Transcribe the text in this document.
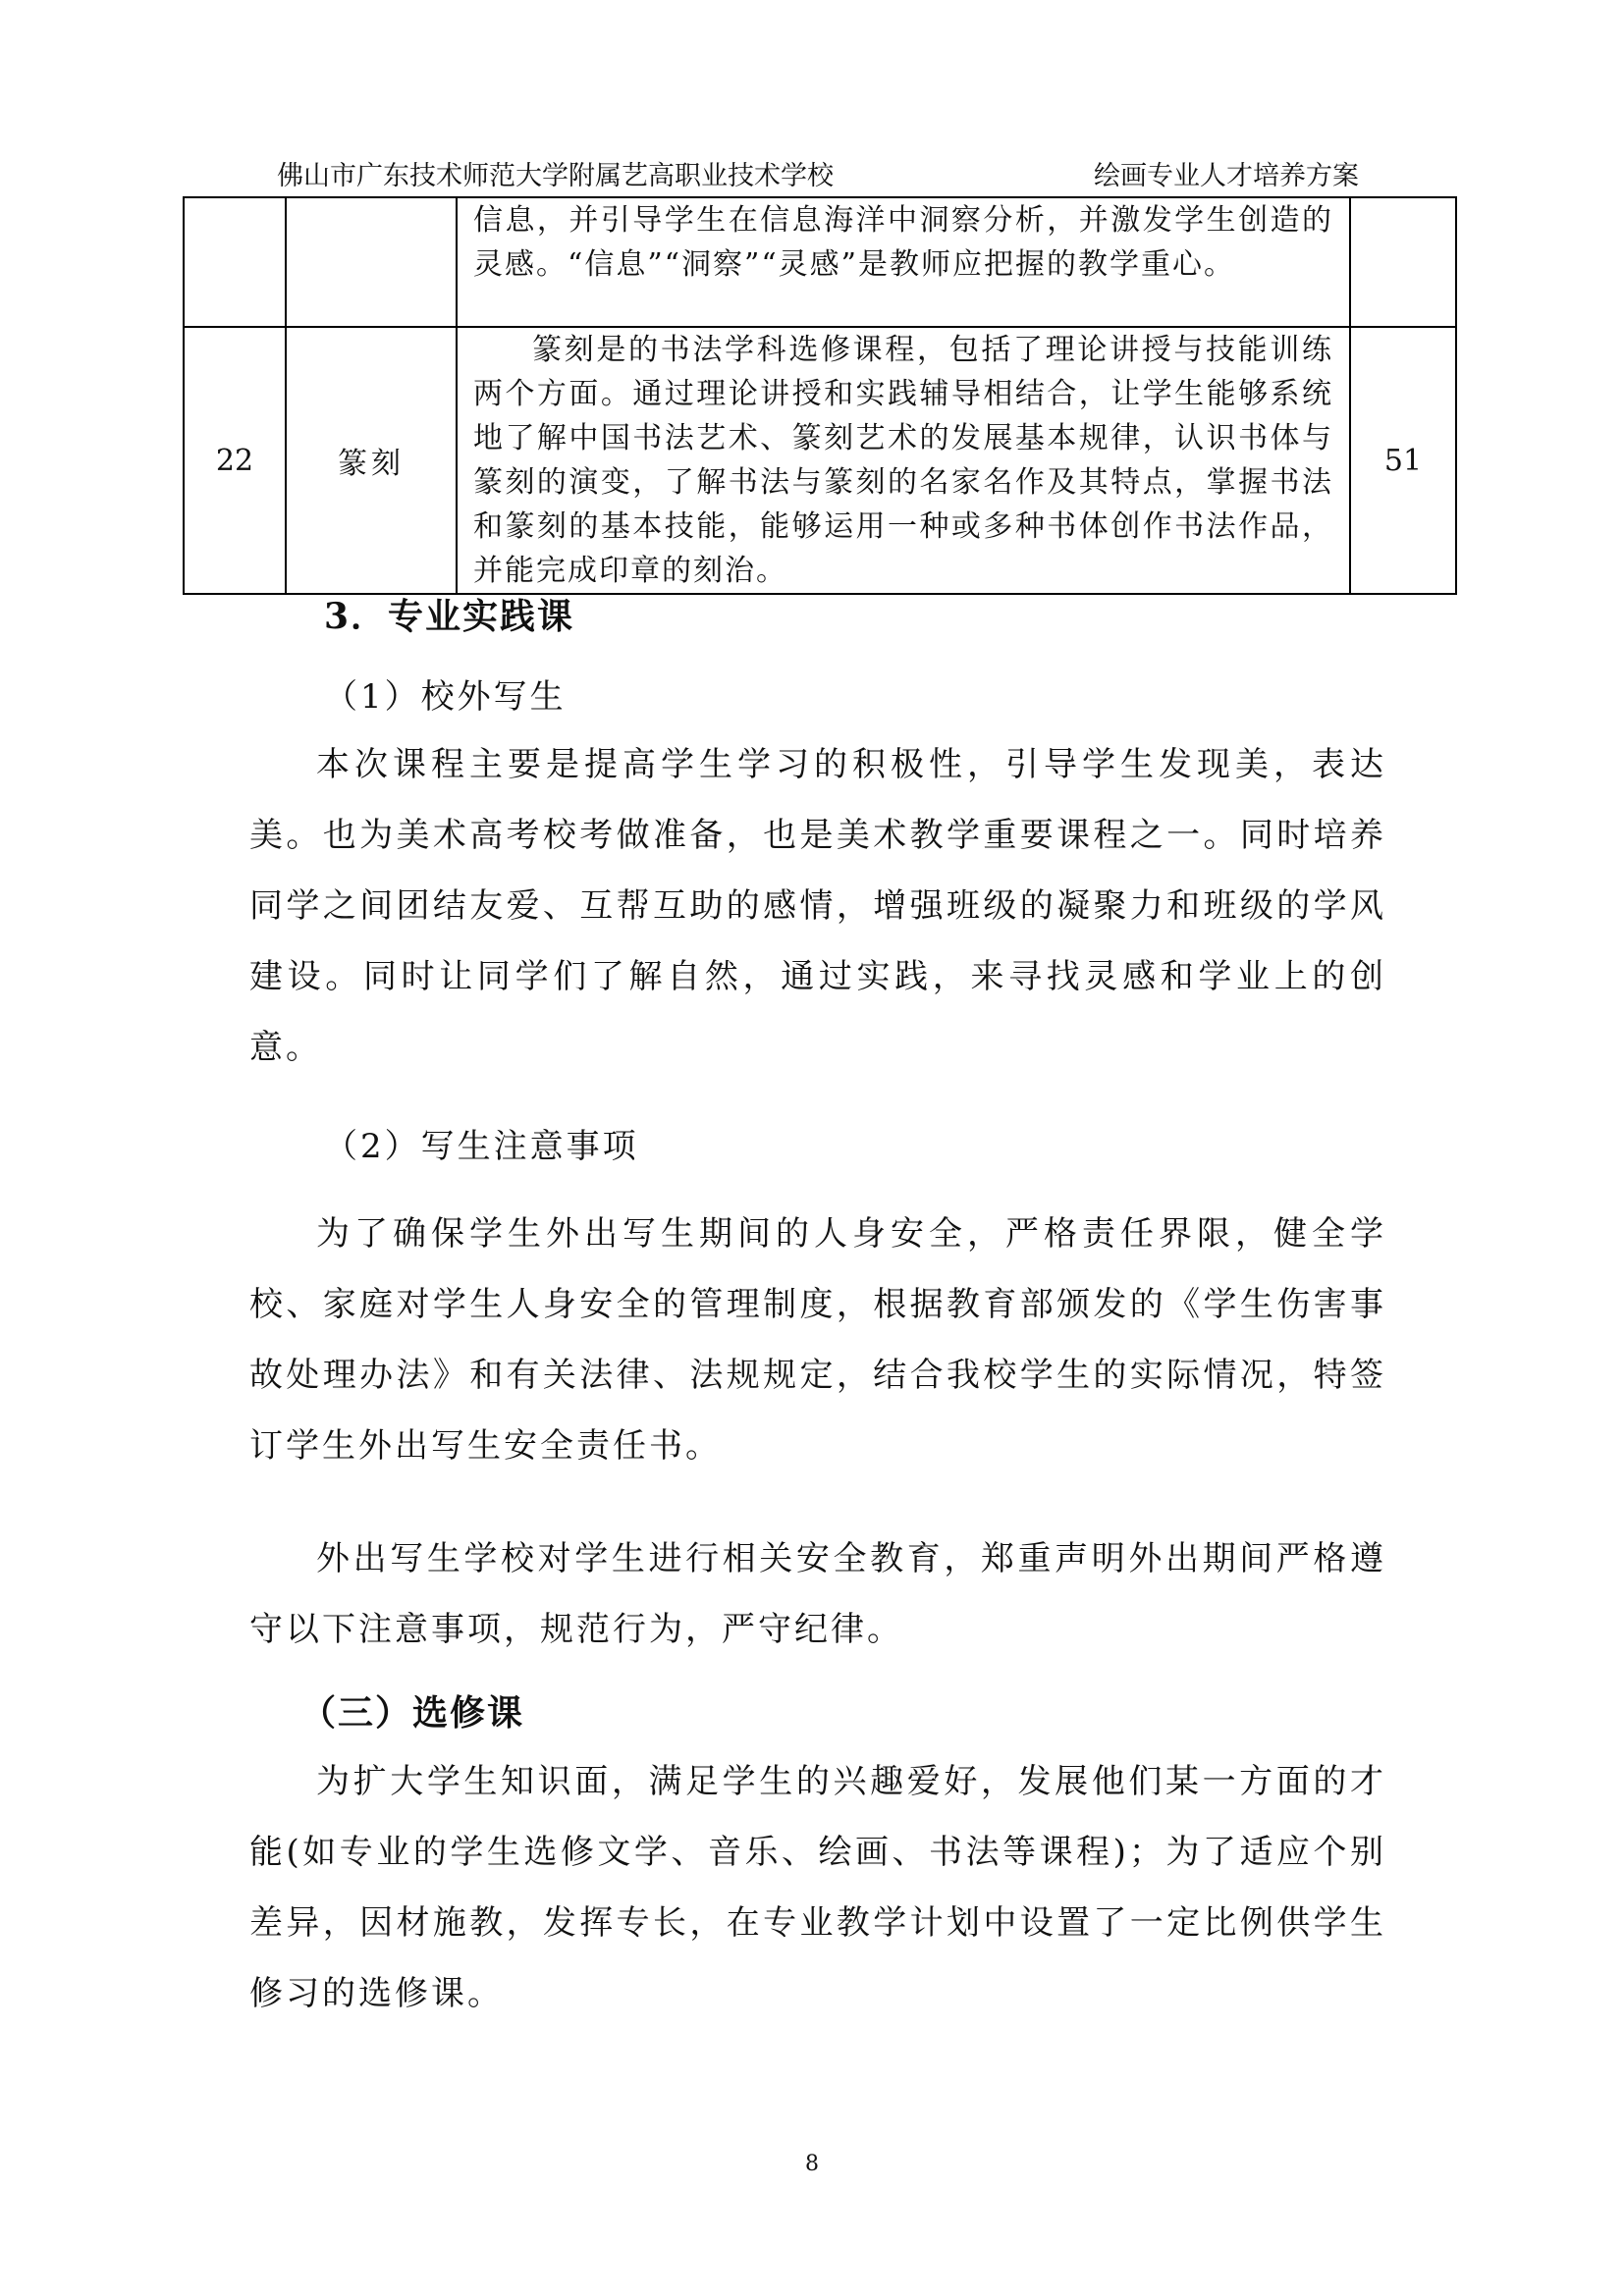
佛山市广东技术师范大学附属艺高职业技术学校	绘画专业人才培养方案
		信息，并引导学生在信息海洋中洞察分析，并激发学生创造的灵感。“信息”“洞察”“灵感”是教师应把握的教学重心。	
22	篆刻	篆刻是的书法学科选修课程，包括了理论讲授与技能训练两个方面。通过理论讲授和实践辅导相结合，让学生能够系统地了解中国书法艺术、篆刻艺术的发展基本规律，认识书体与篆刻的演变，了解书法与篆刻的名家名作及其特点，掌握书法和篆刻的基本技能，能够运用一种或多种书体创作书法作品，并能完成印章的刻治。	51
3．专业实践课

（1）校外写生

本次课程主要是提高学生学习的积极性，引导学生发现美，表达美。也为美术高考校考做准备，也是美术教学重要课程之一。同时培养同学之间团结友爱、互帮互助的感情，增强班级的凝聚力和班级的学风建设。同时让同学们了解自然，通过实践，来寻找灵感和学业上的创意。

（2）写生注意事项

为了确保学生外出写生期间的人身安全，严格责任界限，健全学校、家庭对学生人身安全的管理制度，根据教育部颁发的《学生伤害事故处理办法》和有关法律、法规规定，结合我校学生的实际情况，特签订学生外出写生安全责任书。

外出写生学校对学生进行相关安全教育，郑重声明外出期间严格遵守以下注意事项，规范行为，严守纪律。

（三）选修课

为扩大学生知识面，满足学生的兴趣爱好，发展他们某一方面的才能(如专业的学生选修文学、音乐、绘画、书法等课程)；为了适应个别差异，因材施教，发挥专长，在专业教学计划中设置了一定比例供学生修习的选修课。

8
